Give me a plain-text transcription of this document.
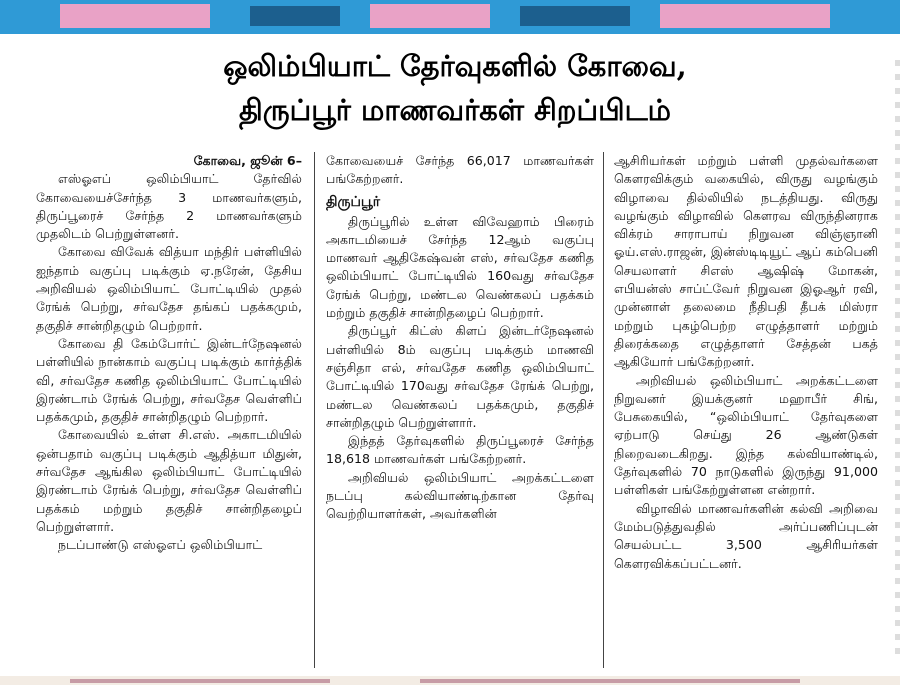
ஒலிம்பியாட் தேர்வுகளில் கோவை,
திருப்பூர் மாணவர்கள் சிறப்பிடம்

கோவை, ஜூன் 6–

எஸ்ஓஎப் ஒலிம்பியாட் தேர்வில் கோவையைச்சேர்ந்த 3 மாணவர்களும், திருப்பூரைச் சேர்ந்த 2 மாணவர்களும் முதலிடம் பெற்றுள்ளனர்.

கோவை விவேக் வித்யா மந்திர் பள்ளியில் ஐந்தாம் வகுப்பு படிக்கும் ஏ.நரேன், தேசிய அறிவியல் ஒலிம்பியாட் போட்டியில் முதல் ரேங்க் பெற்று, சர்வதேச தங்கப் பதக்கமும், தகுதிச் சான்றிதழும் பெற்றார்.

கோவை தி கேம்போர்ட் இன்டர்நேஷனல் பள்ளியில் நான்காம் வகுப்பு படிக்கும் கார்த்திக் வி, சர்வதேச கணித ஒலிம்பியாட் போட்டியில் இரண்டாம் ரேங்க் பெற்று, சர்வதேச வெள்ளிப் பதக்கமும், தகுதிச் சான்றிதழும் பெற்றார்.

கோவையில் உள்ள சி.எஸ். அகாடமியில் ஒன்பதாம் வகுப்பு படிக்கும் ஆதித்யா மிதுன், சர்வதேச ஆங்கில ஒலிம்பியாட் போட்டியில் இரண்டாம் ரேங்க் பெற்று, சர்வதேச வெள்ளிப் பதக்கம் மற்றும் தகுதிச் சான்றிதழைப் பெற்றுள்ளார்.

நடப்பாண்டு எஸ்ஓஎப் ஒலிம்பியாட்

கோவையைச் சேர்ந்த 66,017 மாணவர்கள் பங்கேற்றனர்.

திருப்பூர்

திருப்பூரில் உள்ள விவேஹாம் பிரைம் அகாடமியைச் சேர்ந்த 12ஆம் வகுப்பு மாணவர் ஆதிகேஷ்வன் எஸ், சர்வதேச கணித ஒலிம்பியாட் போட்டியில் 160வது சர்வதேச ரேங்க் பெற்று, மண்டல வெண்கலப் பதக்கம் மற்றும் தகுதிச் சான்றிதழைப் பெற்றார்.

திருப்பூர் கிட்ஸ் கிளப் இன்டர்நேஷனல் பள்ளியில் 8ம் வகுப்பு படிக்கும் மாணவி சஞ்சிதா எல், சர்வதேச கணித ஒலிம்பியாட் போட்டியில் 170வது சர்வதேச ரேங்க் பெற்று, மண்டல வெண்கலப் பதக்கமும், தகுதிச் சான்றிதழும் பெற்றுள்ளார்.

இந்தத் தேர்வுகளில் திருப்பூரைச் சேர்ந்த 18,618 மாணவர்கள் பங்கேற்றனர்.

அறிவியல் ஒலிம்பியாட் அறக்கட்டளை நடப்பு கல்வியாண்டிற்கான தேர்வு வெற்றியாளர்கள், அவர்களின்

ஆசிரியர்கள் மற்றும் பள்ளி முதல்வர்களை கௌரவிக்கும் வகையில், விருது வழங்கும் விழாவை தில்லியில் நடத்தியது. விருது வழங்கும் விழாவில் கௌரவ விருந்தினராக விக்ரம் சாராபாய் நிறுவன விஞ்ஞானி ஓய்.எஸ்.ராஜன், இன்ஸ்டிடியூட் ஆப் கம்பெனி செயலாளர் சிஎஸ் ஆஷிஷ் மோகன், எபியன்ஸ் சாப்ட்வேர் நிறுவன இஓஆர் ரவி, முன்னாள் தலைமை நீதிபதி தீபக் மிஸ்ரா மற்றும் புகழ்பெற்ற எழுத்தாளர் மற்றும் திரைக்கதை எழுத்தாளர் சேத்தன் பகத் ஆகியோர் பங்கேற்றனர்.

அறிவியல் ஒலிம்பியாட் அறக்கட்டளை நிறுவனர் இயக்குனர் மஹாபீர் சிங், பேசுகையில், “ஒலிம்பியாட் தேர்வுகளை ஏற்பாடு செய்து 26 ஆண்டுகள் நிறைவடைகிறது. இந்த கல்வியாண்டில், தேர்வுகளில் 70 நாடுகளில் இருந்து 91,000 பள்ளிகள் பங்கேற்றுள்ளன என்றார்.

விழாவில் மாணவர்களின் கல்வி அறிவை மேம்படுத்துவதில் அர்ப்பணிப்புடன் செயல்பட்ட 3,500 ஆசிரியர்கள் கௌரவிக்கப்பட்டனர்.
